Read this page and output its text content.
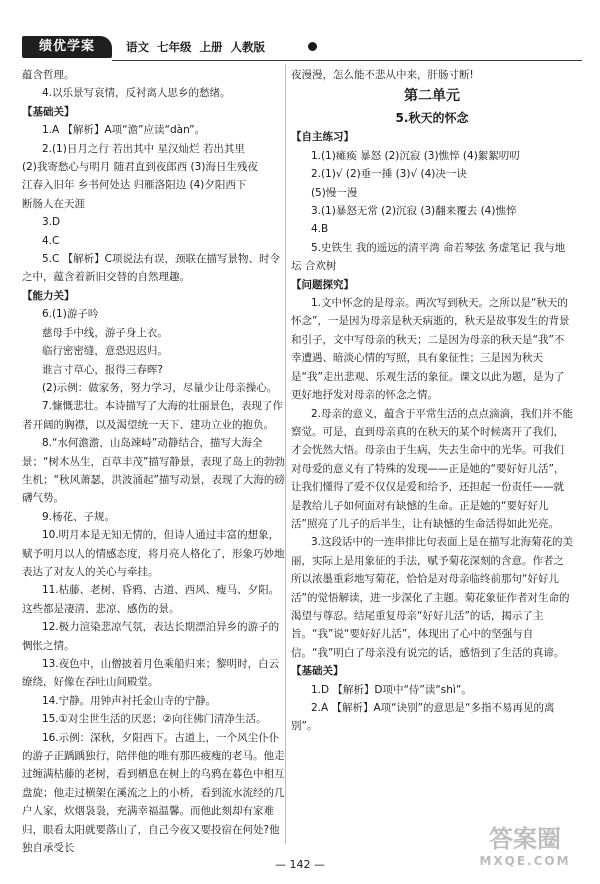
绩优学案	语文 七年级 上册 人教版

蕴含哲理。

4.以乐景写哀情，反衬离人思乡的愁绪。

【基础关】

1.A 【解析】A项“澹”应读“dàn”。

2.(1)日月之行 若出其中 星汉灿烂 若出其里

(2)我寄愁心与明月 随君直到夜郎西 (3)海日生残夜

江春入旧年 乡书何处达 归雁洛阳边 (4)夕阳西下

断肠人在天涯

3.D

4.C

5.C 【解析】C项说法有误，颈联在描写景物、时令之中，蕴含着新旧交替的自然理趣。

【能力关】

6.(1)游子吟

慈母手中线，游子身上衣。

临行密密缝，意恐迟迟归。

谁言寸草心，报得三春晖?

(2)示例：做家务，努力学习，尽量少让母亲操心。

7.慷慨悲壮。本诗描写了大海的壮丽景色，表现了作者开阔的胸襟，以及渴望统一天下、建功立业的抱负。

8.“水何澹澹，山岛竦峙”动静结合，描写大海全景；“树木丛生，百草丰茂”描写静景，表现了岛上的勃勃生机；“秋风萧瑟，洪波涌起”描写动景，表现了大海的磅礴气势。

9.杨花、子规。

10.明月本是无知无情的，但诗人通过丰富的想象，赋予明月以人的情感态度，将月亮人格化了，形象巧妙地表达了对友人的关心与牵挂。

11.枯藤、老树、昏鸦、古道、西风、瘦马、夕阳。这些都是凄清、悲凉、感伤的景。

12.极力渲染悲凉气氛，表达长期漂泊异乡的游子的惆怅之情。

13.夜色中，山僧披着月色乘船归来；黎明时，白云缭绕，好像在吞吐山间殿堂。

14.宁静。用钟声衬托金山寺的宁静。

15.①对尘世生活的厌恶；②向往佛门清净生活。

16.示例：深秋，夕阳西下。古道上，一个风尘仆仆的游子正踽踽独行，陪伴他的唯有那匹疲瘦的老马。他走过缠满枯藤的老树，看到栖息在树上的乌鸦在暮色中相互盘旋；他走过横架在溪流之上的小桥，看到流水流经的几户人家，炊烟袅袅，充满幸福温馨。而他此刻却有家难归，眼看太阳就要落山了，自己今夜又要投宿在何处?他独自承受长

夜漫漫，怎么能不悲从中来，肝肠寸断!

第二单元

5.秋天的怀念

【自主练习】

1.(1)瘫痪 暴怒 (2)沉寂 (3)憔悴 (4)絮絮叨叨

2.(1)√ (2)垂一捶 (3)√ (4)决一诀

(5)慢一漫

3.(1)暴怒无常 (2)沉寂 (3)翻来覆去 (4)憔悴

4.B

5.史铁生 我的遥远的清平湾 命若琴弦 务虚笔记 我与地坛 合欢树

【问题探究】

1.文中怀念的是母亲。两次写到秋天。之所以是“秋天的怀念”，一是因为母亲是秋天病逝的，秋天是故事发生的背景和引子，文中写母亲的秋天；二是因为母亲的秋天是“我”不幸遭遇、暗淡心情的写照，具有象征性；三是因为秋天是“我”走出悲观、乐观生活的象征。课文以此为题，是为了更好地抒发对母亲的怀念之情。

2.母亲的意义，蕴含于平常生活的点点滴滴，我们并不能察觉。可是，直到母亲真的在秋天的某个时候离开了我们，才会恍然大悟。母亲由于生病，失去生命中的光华。可我们对母爱的意义有了特殊的发现——正是她的“要好好儿活”，让我们懂得了爱不仅仅是爱和给予，还担起一份责任——就是教给儿子如何面对有缺憾的生命。正是她的“要好好儿活”照亮了儿子的后半生，让有缺憾的生命活得如此光亮。

3.这段话中的一连串排比句表面上是在描写北海菊花的美丽，实际上是用象征的手法，赋予菊花深刻的含意。作者之所以浓墨重彩地写菊花，恰恰是对母亲临终前那句“好好儿活”的觉悟解读，进一步深化了主题。菊花象征作者对生命的渴望与尊忍。结尾重复母亲“好好儿活”的话，揭示了主旨。“我”说“要好好儿活”，体现出了心中的坚强与自信。“我”明白了母亲没有说完的话，感悟到了生活的真谛。

【基础关】

1.D 【解析】D项中“侍”读“shì”。

2.A 【解析】A项“诀别”的意思是“多指不易再见的离别”。

— 142 —
答案圈
MXQE.COM
